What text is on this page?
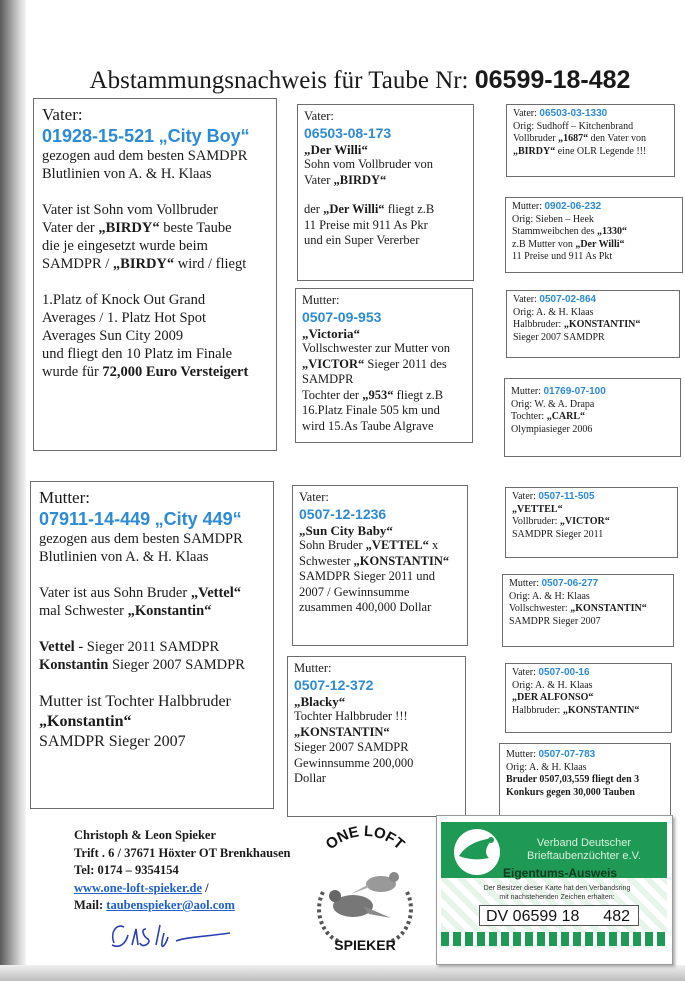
Abstammungsnachweis für Taube Nr: 06599-18-482
Vater:
01928-15-521 „City Boy“

gezogen aud dem besten SAMDPR

Blutlinien von A. & H. Klaas

Vater ist Sohn vom Vollbruder

Vater der „BIRDY“ beste Taube

die je eingesetzt wurde beim

SAMDPR / „BIRDY“ wird / fliegt

1.Platz of Knock Out Grand

Averages / 1. Platz Hot Spot

Averages Sun City 2009

und fliegt den 10 Platz im Finale

wurde für 72,000 Euro Versteigert

Mutter:
07911-14-449 „City 449“

gezogen aus dem besten SAMDPR

Blutlinien von A. & H. Klaas

Vater ist aus Sohn Bruder „Vettel“

mal Schwester „Konstantin“

Vettel - Sieger 2011 SAMDPR

Konstantin Sieger 2007 SAMDPR

Mutter ist Tochter Halbbruder

„Konstantin“

SAMDPR Sieger 2007

Vater:
06503-08-173
„Der Willi“
Sohn vom Vollbruder von
Vater „BIRDY“
der „Der Willi“ fliegt z.B
11 Preise mit 911 As Pkr
und ein Super Vererber
Mutter:
0507-09-953
„Victoria“
Vollschwester zur Mutter von
„VICTOR“ Sieger 2011 des
SAMDPR
Tochter der „953“ fliegt z.B
16.Platz Finale 505 km und
wird 15.As Taube Algrave
Vater:
0507-12-1236
„Sun City Baby“
Sohn Bruder „VETTEL“ x
Schwester „KONSTANTIN“
SAMDPR Sieger 2011 und
2007 / Gewinnsumme
zusammen 400,000 Dollar
Mutter:
0507-12-372
„Blacky“
Tochter Halbbruder !!!
„KONSTANTIN“
Sieger 2007 SAMDPR
Gewinnsumme 200,000
Dollar
Vater: 06503-03-1330
Orig: Sudhoff – Kitchenbrand
Vollbruder „1687“ den Vater von
„BIRDY“ eine OLR Legende !!!
Mutter: 0902-06-232
Orig: Sieben – Heek
Stammweibchen des „1330“
z.B Mutter von „Der Willi“
11 Preise und 911 As Pkt
Vater: 0507-02-864
Orig: A. & H. Klaas
Halbbruder: „KONSTANTIN“
Sieger 2007 SAMDPR
Mutter: 01769-07-100
Orig: W. & A. Drapa
Tochter: „CARL“
Olympiasieger 2006
Vater: 0507-11-505
„VETTEL“
Vollbruder: „VICTOR“
SAMDPR Sieger 2011
Mutter: 0507-06-277
Orig: A. & H: Klaas
Vollschwester: „KONSTANTIN“
SAMDPR Sieger 2007
Vater: 0507-00-16
Orig: A. & H. Klaas
„DER ALFONSO“
Halbbruder: „KONSTANTIN“
Mutter: 0507-07-783
Orig: A. & H. Klaas
Bruder 0507,03,559 fliegt den 3
Konkurs gegen 30,000 Tauben
Christoph & Leon Spieker
Trift . 6 / 37671 Höxter OT Brenkhausen
Tel: 0174 – 9354154
www.one-loft-spieker.de /
Mail: taubenspieker@aol.com
ONE LOFT
SPIEKER
Verband Deutscher
Brieftaubenzüchter e.V.
Eigentums-Ausweis
Der Besitzer dieser Karte hat den Verbandsring
mit nachstehenden Zeichen erhalten:
DV 06599 18 482
